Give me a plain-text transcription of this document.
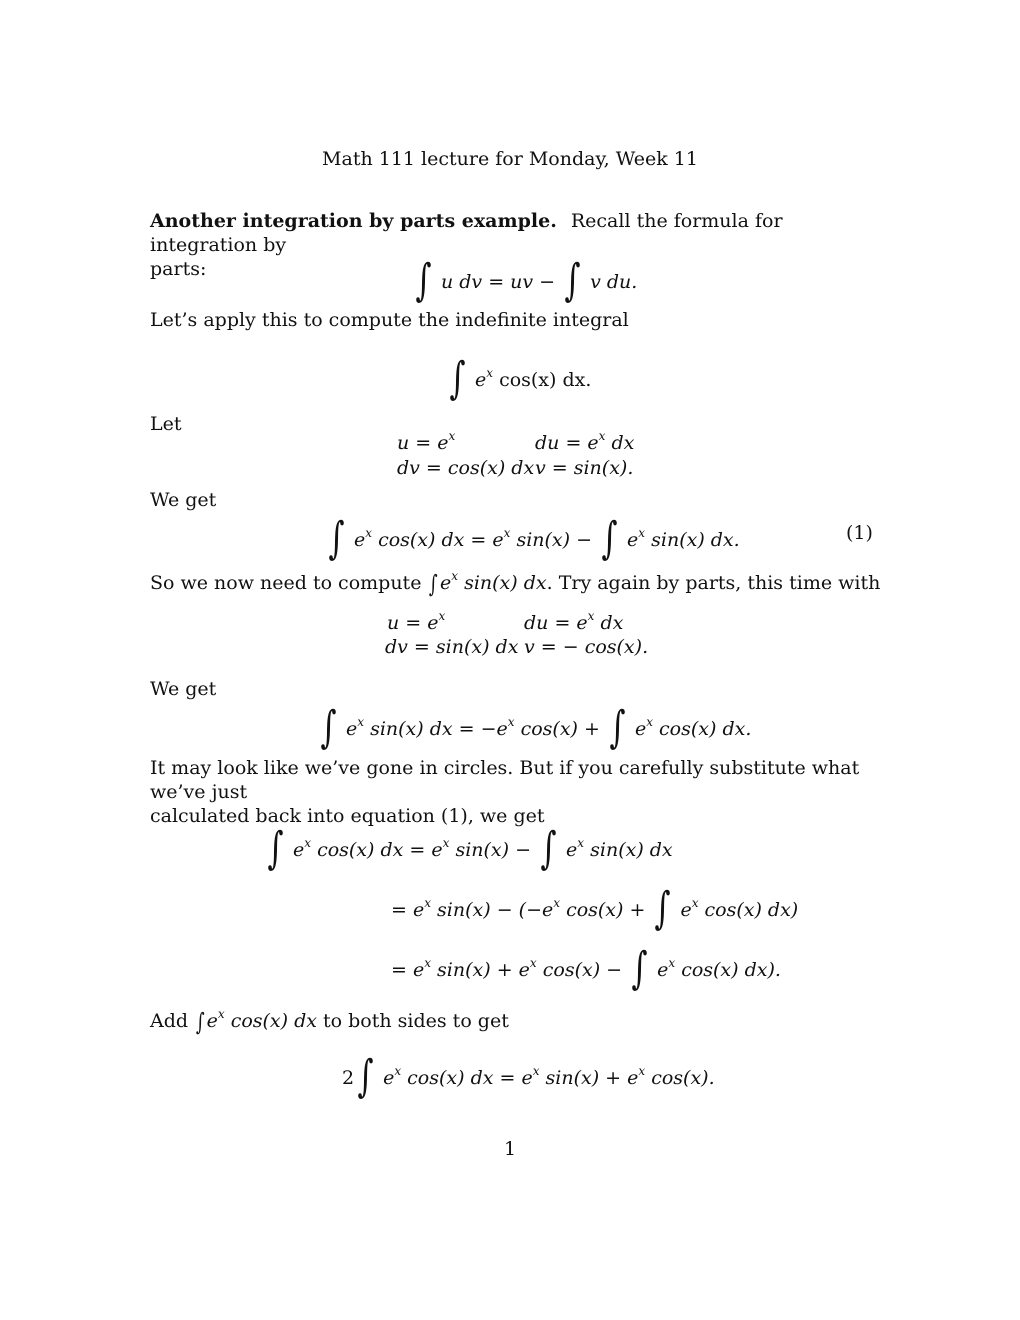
Math 111 lecture for Monday, Week 11
Another integration by parts example. Recall the formula for integration by
parts:	∫ u dv = uv − ∫ v du.
Let’s apply this to compute the indefinite integral
∫ $e^x$ cos(x) dx.
Let
$u = e^x$	du = $e^x$ dx
dv = cos(x) dx v = sin(x).
We get
∫ $e^x$ cos(x) dx = $e^x$ sin(x) − ∫ $e^x$ sin(x) dx.	(1)
So we now need to compute $\int e^x$ sin(x) dx. Try again by parts, this time with
$u = e^x$	du = $e^x$ dx
dv = sin(x) dx v = − cos(x).
We get
∫ $e^x$ sin(x) dx = $-e^x$ cos(x) + ∫ $e^x$ cos(x) dx.
It may look like we’ve gone in circles. But if you carefully substitute what we’ve just
calculated back into equation (1), we get
∫ $e^x$ cos(x) dx = $e^x$ sin(x) − ∫ $e^x$ sin(x) dx
= $e^x$ $\sin(x) - (-e^x$ cos(x) + ∫ $e^x$ cos(x) dx)
= $e^x$ $\sin(x) + e^x$ cos(x) − ∫ $e^x$ cos(x) dx).
Add $\int e^x$ cos(x) dx to both sides to get
2∫ $e^x$ cos(x) dx = $e^x$ $\sin(x) + e^x$ cos(x).
1
